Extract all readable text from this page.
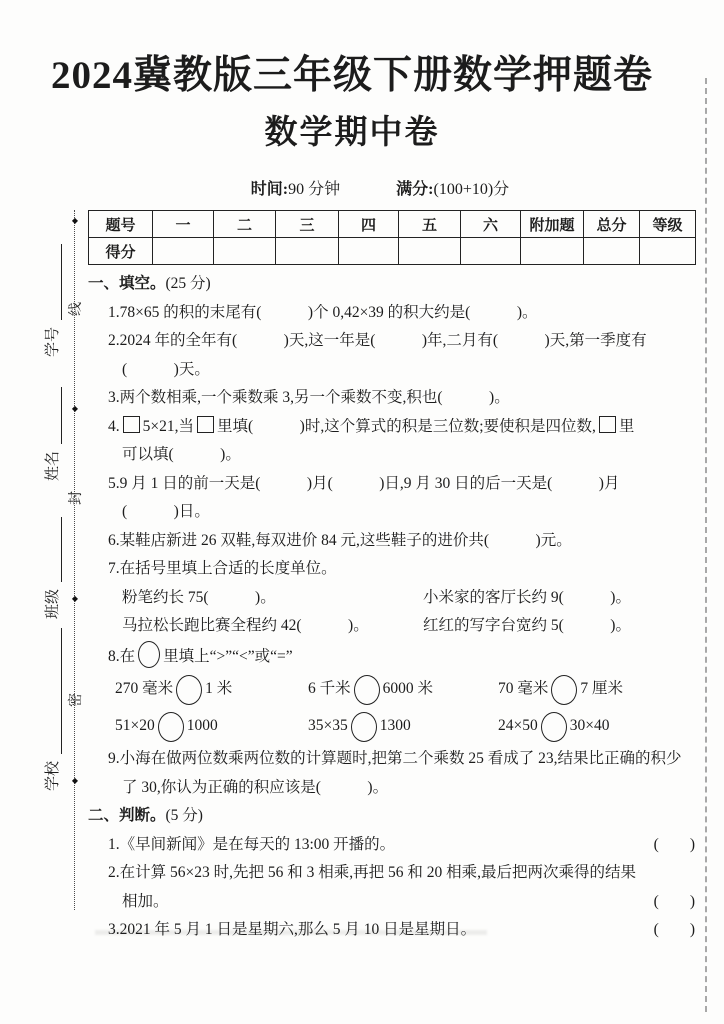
◆
◆
◆
◆
线
封
密
学号
姓名
班级
学校
2024冀教版三年级下册数学押题卷
数学期中卷
时间:90 分钟	满分:(100+10)分
题号	一	二	三	四	五	六	附加题	总分	等级
得分									

一、填空。(25 分)

1.78×65 的积的末尾有(　　　)个 0,42×39 的积大约是(　　　)。

2.2024 年的全年有(　　　)天,这一年是(　　　)年,二月有(　　　)天,第一季度有

(　　　)天。

3.两个数相乘,一个乘数乘 3,另一个乘数不变,积也(　　　)。

4. 5×21,当 里填(　　　)时,这个算式的积是三位数;要使积是四位数, 里

可以填(　　　)。

5.9 月 1 日的前一天是(　　　)月(　　　)日,9 月 30 日的后一天是(　　　)月

(　　　)日。

6.某鞋店新进 26 双鞋,每双进价 84 元,这些鞋子的进价共(　　　)元。

7.在括号里填上合适的长度单位。

粉笔约长 75(　　　)。	小米家的客厅长约 9(　　　)。
马拉松长跑比赛全程约 42(　　　)。	红红的写字台宽约 5(　　　)。

8.在 里填上“>”“<”或“=”

270 毫米 1 米	6 千米 6000 米	70 毫米 7 厘米
51×20 1000	35×35 1300	24×50 30×40

9.小海在做两位数乘两位数的计算题时,把第二个乘数 25 看成了 23,结果比正确的积少

了 30,你认为正确的积应该是(　　　)。

二、判断。(5 分)

1.《早间新闻》是在每天的 13:00 开播的。	(　　)

2.在计算 56×23 时,先把 56 和 3 相乘,再把 56 和 20 相乘,最后把两次乘得的结果

相加。	(　　)

3.2021 年 5 月 1 日是星期六,那么 5 月 10 日是星期日。	(　　)
